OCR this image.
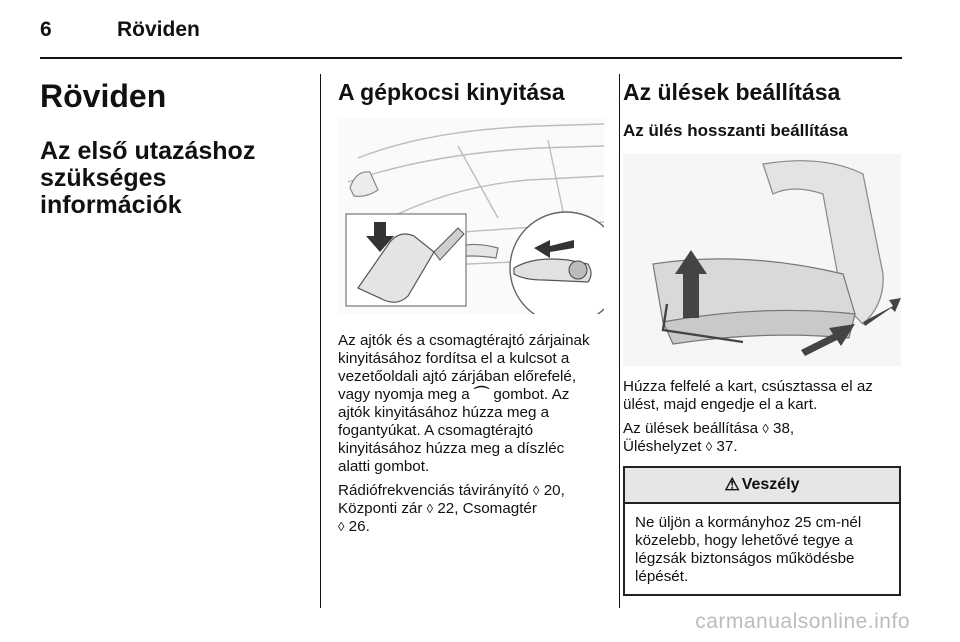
6	Röviden
Röviden
Az első utazáshoz
szükséges információk
A gépkocsi kinyitása

Az ajtók és a csomagtérajtó zárjainak
kinyitásához fordítsa el a kulcsot a
vezetőoldali ajtó zárjában előrefelé,
vagy nyomja meg a ⌒ gombot. Az
ajtók kinyitásához húzza meg a
fogantyúkat. A csomagtérajtó
kinyitásához húzza meg a díszléc
alatti gombot.

Rádiófrekvenciás távirányító ◊ 20,
Központi zár ◊ 22, Csomagtér
◊ 26.

Az ülések beállítása
Az ülés hosszanti beállítása

Húzza felfelé a kart, csúsztassa el az
ülést, majd engedje el a kart.

Az ülések beállítása ◊ 38,
Üléshelyzet ◊ 37.

⚠ Veszély
Ne üljön a kormányhoz 25 cm-nél
közelebb, hogy lehetővé tegye a
légzsák biztonságos működésbe
lépését.
carmanualsonline.info
